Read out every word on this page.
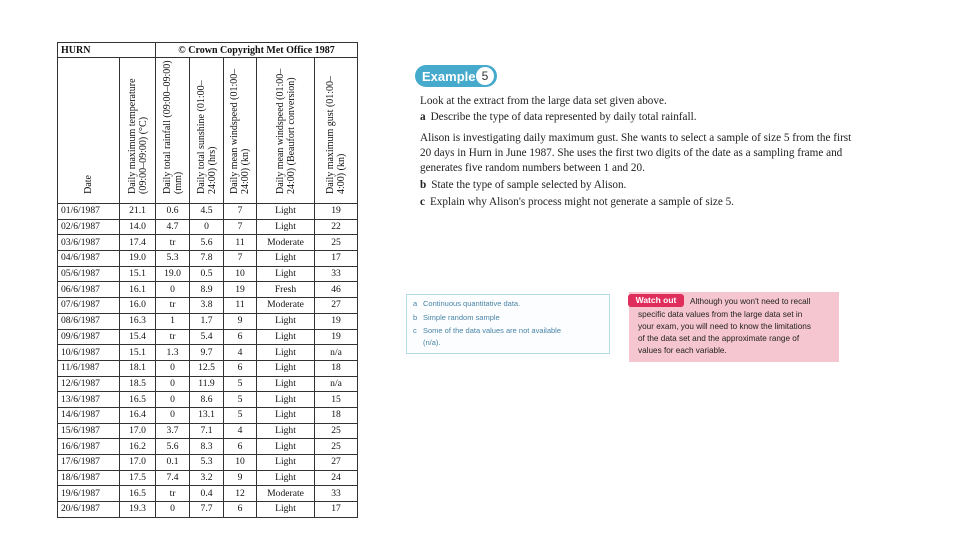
HURN		© Crown Copyright Met Office 1987				
Date	Daily maximum temperature (09:00–09:00) (°C)	Daily total rainfall (09:00–09:00) (mm)	Daily total sunshine (01:00–24:00) (hrs)	Daily mean windspeed (01:00–24:00) (kn)	Daily mean windspeed (01:00–24:00) (Beaufort conversion)	Daily maximum gust (01:00–4:00) (kn)
01/6/1987	21.1	0.6	4.5	7	Light	19
02/6/1987	14.0	4.7	0	7	Light	22
03/6/1987	17.4	tr	5.6	11	Moderate	25
04/6/1987	19.0	5.3	7.8	7	Light	17
05/6/1987	15.1	19.0	0.5	10	Light	33
06/6/1987	16.1	0	8.9	19	Fresh	46
07/6/1987	16.0	tr	3.8	11	Moderate	27
08/6/1987	16.3	1	1.7	9	Light	19
09/6/1987	15.4	tr	5.4	6	Light	19
10/6/1987	15.1	1.3	9.7	4	Light	n/a
11/6/1987	18.1	0	12.5	6	Light	18
12/6/1987	18.5	0	11.9	5	Light	n/a
13/6/1987	16.5	0	8.6	5	Light	15
14/6/1987	16.4	0	13.1	5	Light	18
15/6/1987	17.0	3.7	7.1	4	Light	25
16/6/1987	16.2	5.6	8.3	6	Light	25
17/6/1987	17.0	0.1	5.3	10	Light	27
18/6/1987	17.5	7.4	3.2	9	Light	24
19/6/1987	16.5	tr	0.4	12	Moderate	33
20/6/1987	19.3	0	7.7	6	Light	17
Example 5
Look at the extract from the large data set given above.
a Describe the type of data represented by daily total rainfall.
Alison is investigating daily maximum gust. She wants to select a sample of size 5 from the first
20 days in Hurn in June 1987. She uses the first two digits of the date as a sampling frame and
generates five random numbers between 1 and 20.
b State the type of sample selected by Alison.
c Explain why Alison's process might not generate a sample of size 5.
a Continuous quantitative data.
b Simple random sample
c Some of the data values are not available
(n/a).
Watch out	Although you won't need to recall
specific data values from the large data set in
your exam, you will need to know the limitations
of the data set and the approximate range of
values for each variable.
